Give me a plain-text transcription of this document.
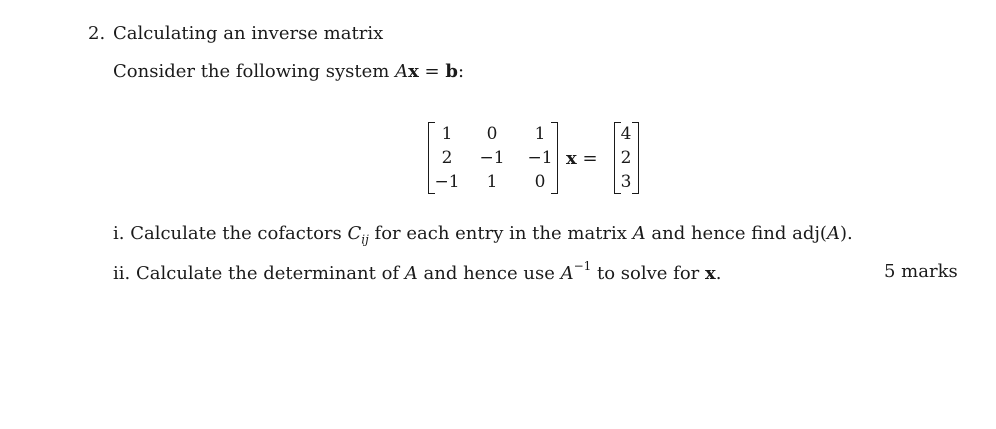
2. Calculating an inverse matrix
Consider the following system Ax = b:
1	0	1
2	−1	−1
−1	1	0
x =
4
2
3
i. Calculate the cofactors $C_{ij}$ for each entry in the matrix A and hence find adj(A).
ii. Calculate the determinant of A and hence use $A^{-1}$ to solve for x.	5 marks
